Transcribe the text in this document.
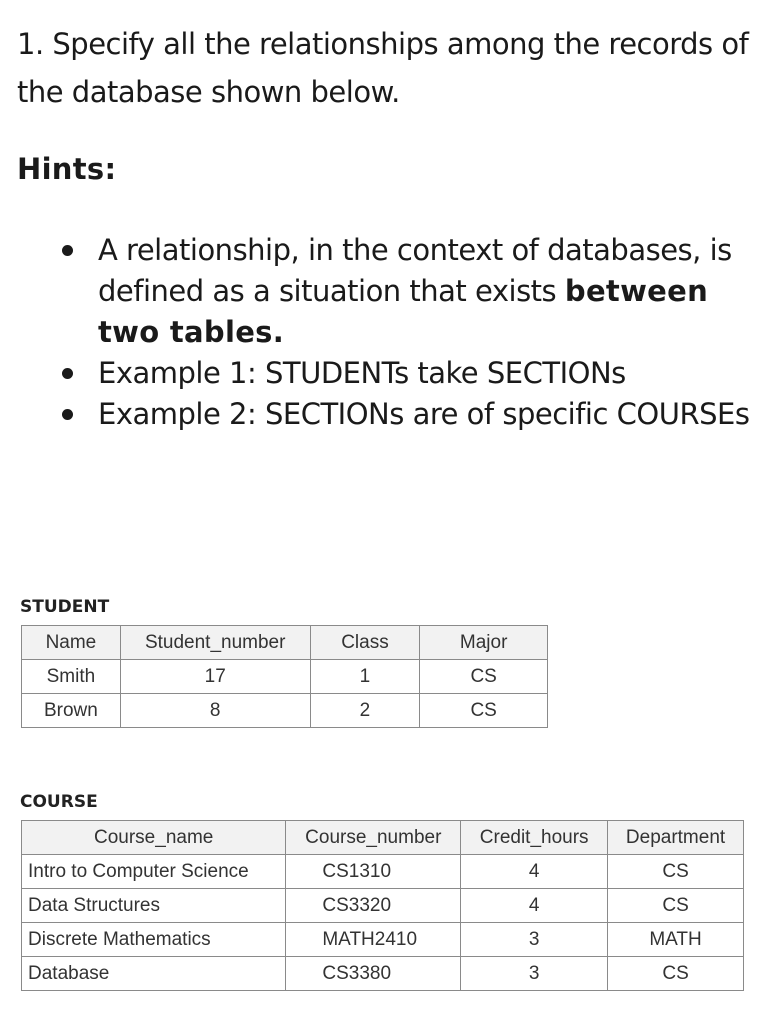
1. Specify all the relationships among the records of the database shown below.
Hints:
A relationship, in the context of databases, is defined as a situation that exists between two tables.
Example 1: STUDENTs take SECTIONs
Example 2: SECTIONs are of specific COURSEs
STUDENT
Name	Student_number	Class	Major
Smith	17	1	CS
Brown	8	2	CS
COURSE
Course_name	Course_number	Credit_hours	Department
Intro to Computer Science	CS1310	4	CS
Data Structures	CS3320	4	CS
Discrete Mathematics	MATH2410	3	MATH
Database	CS3380	3	CS
